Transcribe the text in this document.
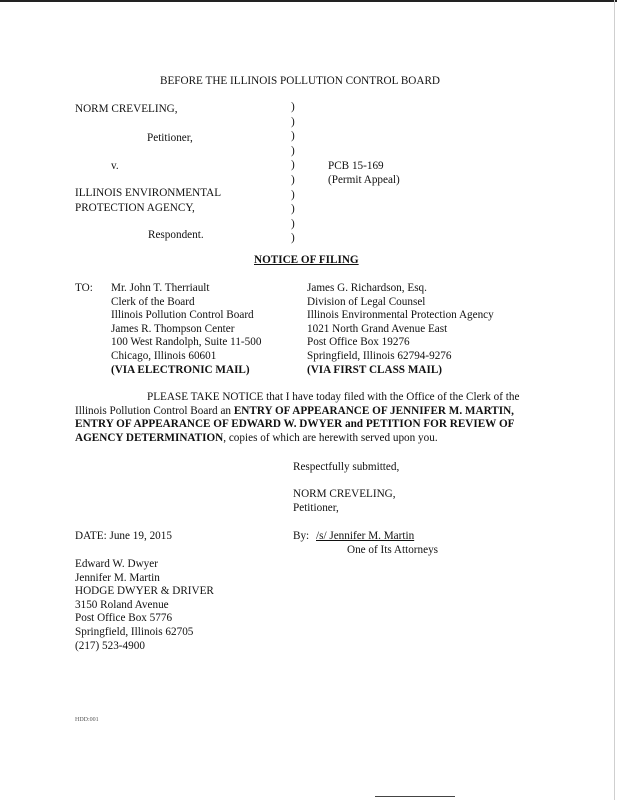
BEFORE THE ILLINOIS POLLUTION CONTROL BOARD
NORM CREVELING,
Petitioner,
v.
ILLINOIS ENVIRONMENTAL
PROTECTION AGENCY,
Respondent.
PCB 15-169
(Permit Appeal)
)
)
)
)
)
)
)
)
)
)
NOTICE OF FILING
TO: Mr. John T. Therriault
Clerk of the Board
Illinois Pollution Control Board
James R. Thompson Center
100 West Randolph, Suite 11-500
Chicago, Illinois 60601
(VIA ELECTRONIC MAIL)
James G. Richardson, Esq.
Division of Legal Counsel
Illinois Environmental Protection Agency
1021 North Grand Avenue East
Post Office Box 19276
Springfield, Illinois 62794-9276
(VIA FIRST CLASS MAIL)
PLEASE TAKE NOTICE that I have today filed with the Office of the Clerk of the Illinois Pollution Control Board an ENTRY OF APPEARANCE OF JENNIFER M. MARTIN, ENTRY OF APPEARANCE OF EDWARD W. DWYER and PETITION FOR REVIEW OF AGENCY DETERMINATION, copies of which are herewith served upon you.
Respectfully submitted,
NORM CREVELING,
Petitioner,
DATE: June 19, 2015	By: /s/ Jennifer M. Martin
One of Its Attorneys
Edward W. Dwyer
Jennifer M. Martin
HODGE DWYER & DRIVER
3150 Roland Avenue
Post Office Box 5776
Springfield, Illinois 62705
(217) 523-4900
HDD:001
